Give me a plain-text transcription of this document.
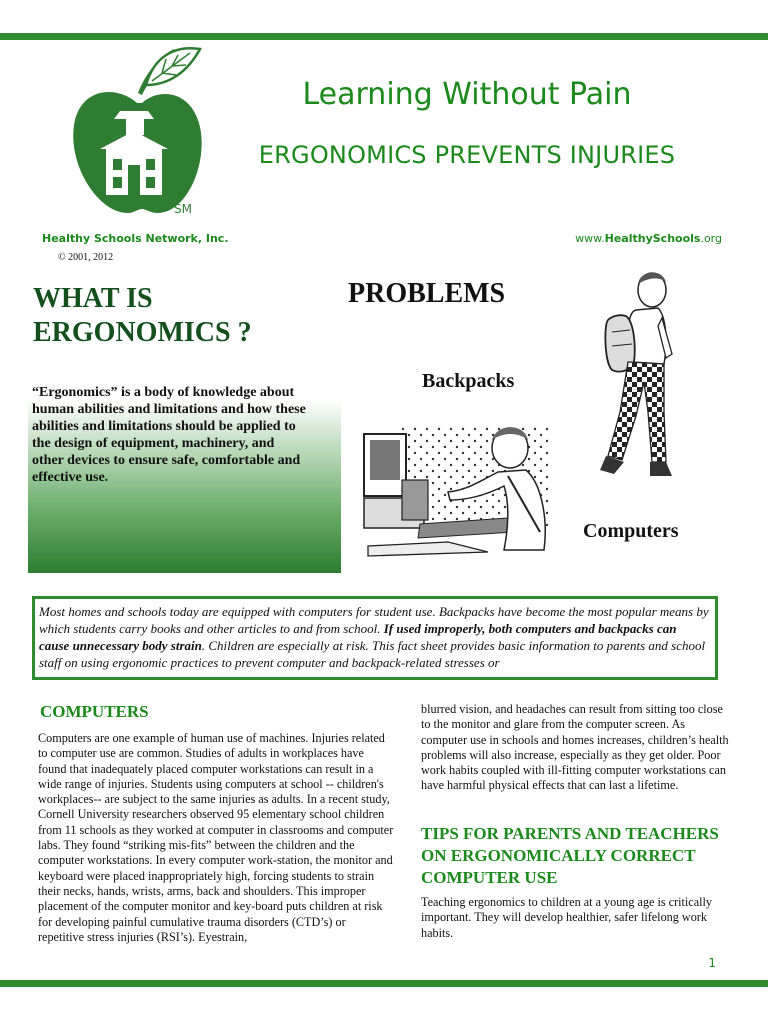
SM
Learning Without Pain
ERGONOMICS PREVENTS INJURIES
Healthy Schools Network, Inc.
© 2001, 2012
www.HealthySchools.org
WHAT IS
ERGONOMICS ?
“Ergonomics” is a body of knowledge about human abilities and limitations and how these abilities and limitations should be applied to the design of equipment, machinery, and other devices to ensure safe, comfortable and effective use.
PROBLEMS
Backpacks
Computers
Most homes and schools today are equipped with computers for student use. Backpacks have become the most popular means by which students carry books and other articles to and from school. If used improperly, both computers and backpacks can cause unnecessary body strain. Children are especially at risk. This fact sheet provides basic information to parents and school staff on using ergonomic practices to prevent computer and backpack-related stresses or
COMPUTERS
Computers are one example of human use of machines. Injuries related to computer use are common. Studies of adults in workplaces have found that inadequately placed computer workstations can result in a wide range of injuries. Students using computers at school -- children's workplaces-- are subject to the same injuries as adults. In a recent study, Cornell University researchers observed 95 elementary school children from 11 schools as they worked at computer in classrooms and computer labs. They found “striking mis-fits” between the children and the computer workstations. In every computer work-station, the monitor and keyboard were placed inappropriately high, forcing students to strain their necks, hands, wrists, arms, back and shoulders. This improper placement of the computer monitor and key-board puts children at risk for developing painful cumulative trauma disorders (CTD’s) or repetitive stress injuries (RSI’s). Eyestrain,
blurred vision, and headaches can result from sitting too close to the monitor and glare from the computer screen. As computer use in schools and homes increases, children’s health problems will also increase, especially as they get older. Poor work habits coupled with ill-fitting computer workstations can have harmful physical effects that can last a lifetime.
TIPS FOR PARENTS AND TEACHERS
ON ERGONOMICALLY CORRECT
COMPUTER USE
Teaching ergonomics to children at a young age is critically important. They will develop healthier, safer lifelong work habits.
1
